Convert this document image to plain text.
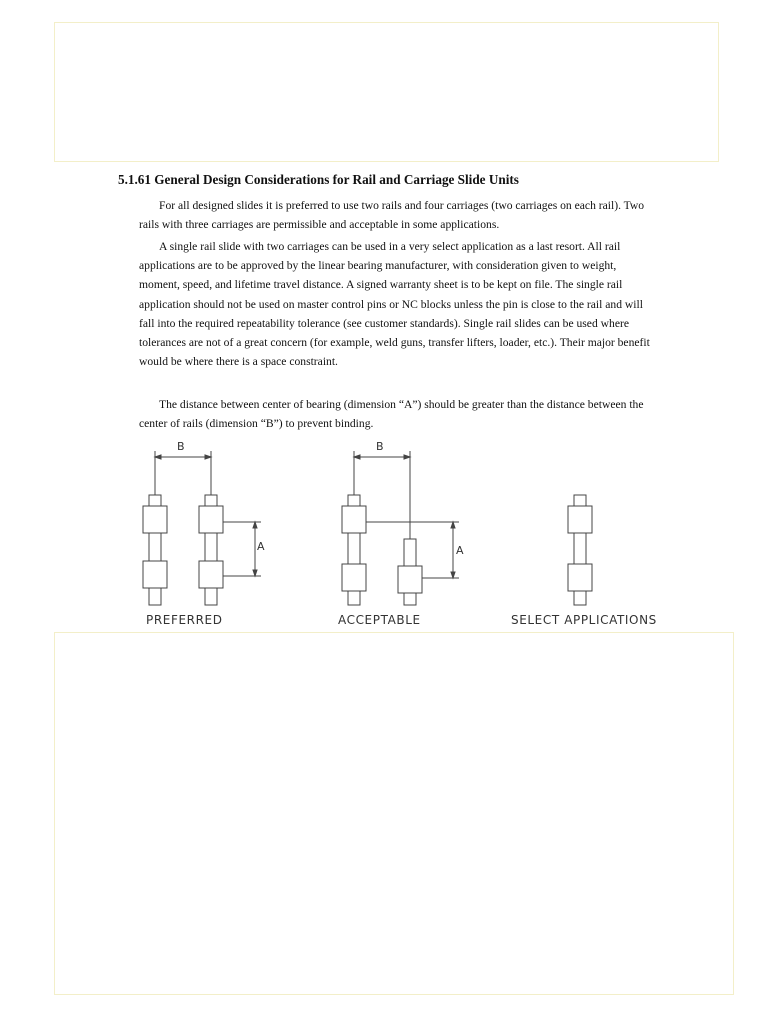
5.1.61 General Design Considerations for Rail and Carriage Slide Units

For all designed slides it is preferred to use two rails and four carriages (two carriages on each rail). Two rails with three carriages are permissible and acceptable in some applications.

A single rail slide with two carriages can be used in a very select application as a last resort. All rail applications are to be approved by the linear bearing manufacturer, with consideration given to weight, moment, speed, and lifetime travel distance. A signed warranty sheet is to be kept on file. The single rail application should not be used on master control pins or NC blocks unless the pin is close to the rail and will fall into the required repeatability tolerance (see customer standards). Single rail slides can be used where tolerances are not of a great concern (for example, weld guns, transfer lifters, loader, etc.). Their major benefit would be where there is a space constraint.

The distance between center of bearing (dimension “A”) should be greater than the distance between the center of rails (dimension “B”) to prevent binding.

B
A
B
A
PREFERRED	ACCEPTABLE	SELECT APPLICATIONS
